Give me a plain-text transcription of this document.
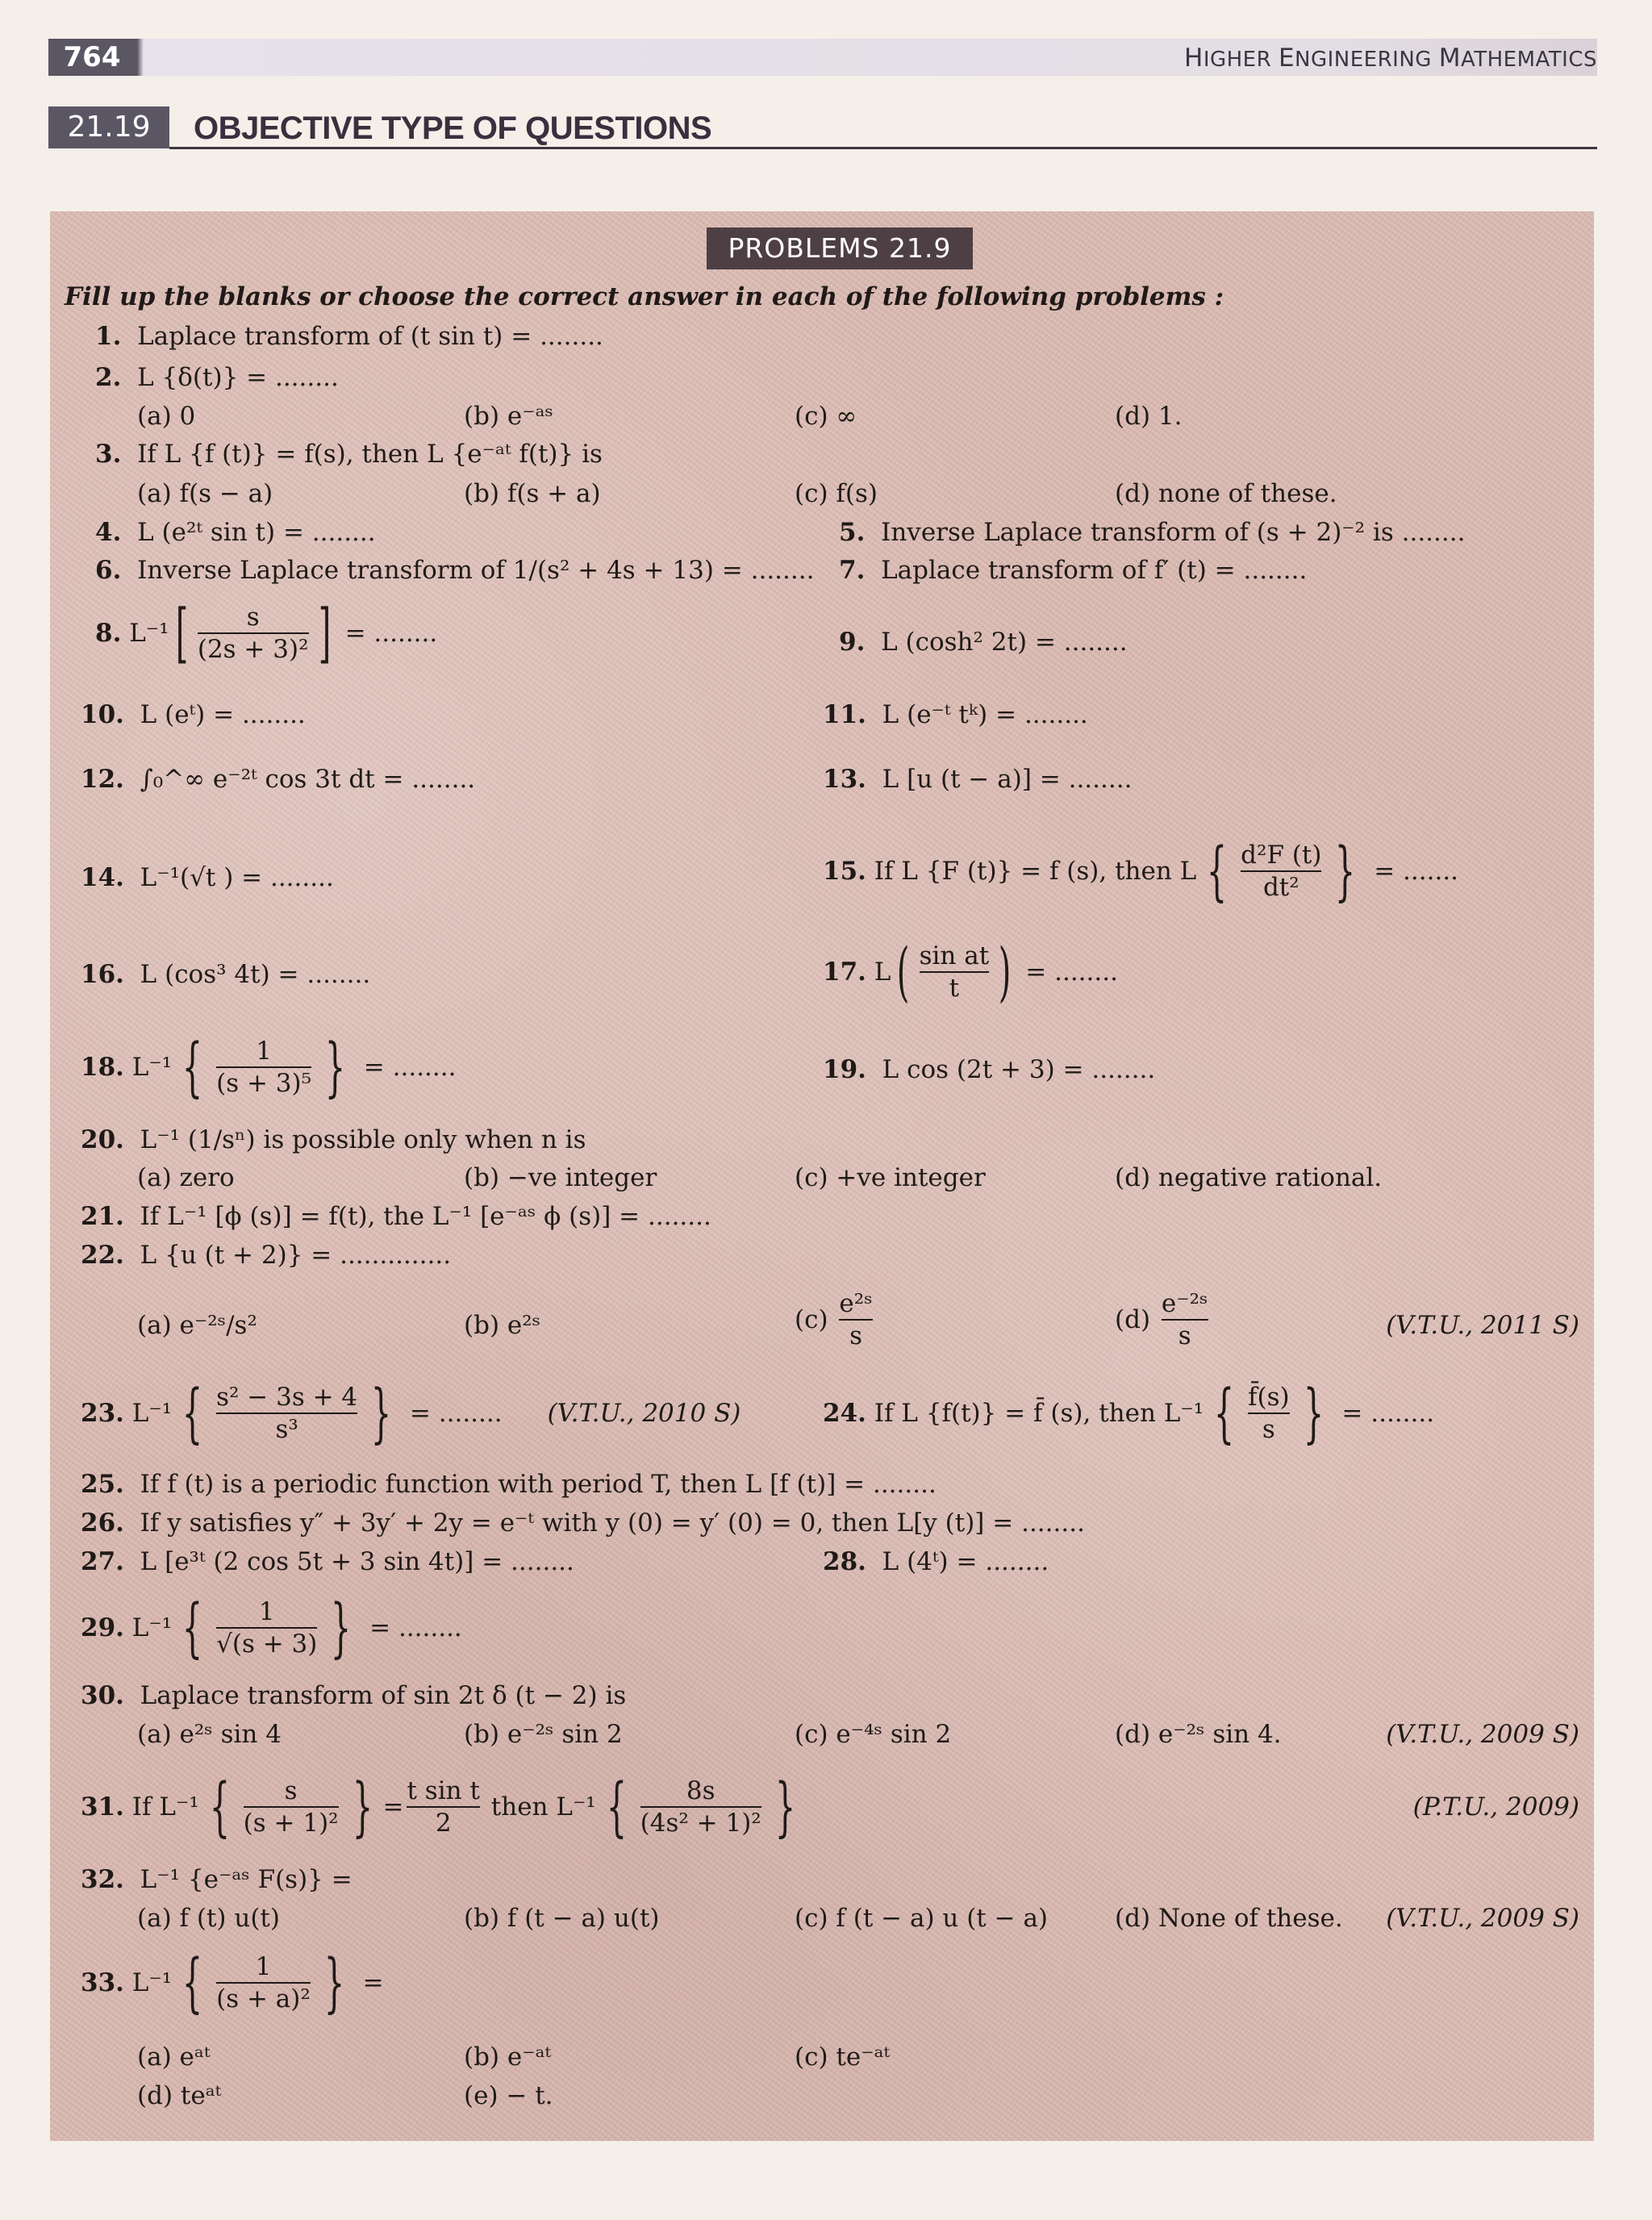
764	HIGHER ENGINEERING MATHEMATICS
21.19	OBJECTIVE TYPE OF QUESTIONS
PROBLEMS 21.9
Fill up the blanks or choose the correct answer in each of the following problems :
1. Laplace transform of (t sin t) = ........
2. L {δ(t)} = ........
(a) 0	(b) e⁻ᵃˢ	(c) ∞	(d) 1.
3. If L {f (t)} = f(s), then L {e⁻ᵃᵗ f(t)} is
(a) f(s − a)	(b) f(s + a)	(c) f(s)	(d) none of these.
4. L (e²ᵗ sin t) = ........	5. Inverse Laplace transform of (s + 2)⁻² is ........
6. Inverse Laplace transform of 1/(s² + 4s + 13) = ........ 7. Laplace transform of f′ (t) = ........
8.
L⁻¹ [ $\frac{s}{\text{(2s + 3)²}}$ ]
= ........	9. L (cosh² 2t) = ........
10. L (eᵗ) = ........	11. L (e⁻ᵗ tᵏ) = ........
12. ∫₀^∞ e⁻²ᵗ cos 3t dt = ........	13. L [u (t − a)] = ........
14. L⁻¹(√t ) = ........	15.
If L {F (t)} = f (s), then L { $\frac{\text{d²F (t)}}{\text{dt²}}$ }
= .......
16. L (cos³ 4t) = ........	17.
L ( $\frac{\text{sin at}}{t}$ )
= ........
18.
L⁻¹ { $\frac{1}{\text{(s + 3)⁵}}$ }
= ........	19. L cos (2t + 3) = ........
20. L⁻¹ (1/sⁿ) is possible only when n is
(a) zero	(b) −ve integer	(c) +ve integer	(d) negative rational.
21. If L⁻¹ [ϕ (s)] = f(t), the L⁻¹ [e⁻ᵃˢ ϕ (s)] = ........
22. L {u (t + 2)} = ..............
(a) e⁻²ˢ/s²	(b) e²ˢ	(c)
$\frac{\text{e²ˢ}}{s}$	(d)
$\frac{\text{e⁻²ˢ}}{s}$	(V.T.U., 2011 S)
23.
L⁻¹ { $\frac{\text{s² − 3s + 4}}{\text{s³}}$ }
= ........ (V.T.U., 2010 S)	24.
If L {f(t)} = f̄ (s), then L⁻¹ { $\frac{f̄(s)}{s}$ }
= ........
25. If f (t) is a periodic function with period T, then L [f (t)] = ........
26. If y satisfies y″ + 3y′ + 2y = e⁻ᵗ with y (0) = y′ (0) = 0, then L[y (t)] = ........
27. L [e³ᵗ (2 cos 5t + 3 sin 4t)] = ........	28. L (4ᵗ) = ........
29.
L⁻¹ { $\frac{1}{√(s + 3)}$ }
= ........
30. Laplace transform of sin 2t δ (t − 2) is
(a) e²ˢ sin 4	(b) e⁻²ˢ sin 2	(c) e⁻⁴ˢ sin 2	(d) e⁻²ˢ sin 4.	(V.T.U., 2009 S)
31.
If L⁻¹ { $\frac{s}{\text{(s + 1)²}}$ } = $\frac{\text{t sin t}}{2}$
then L⁻¹ { $\frac{8s}{\text{(4s² + 1)²}}$ }	(P.T.U., 2009)
32. L⁻¹ {e⁻ᵃˢ F(s)} =
(a) f (t) u(t)	(b) f (t − a) u(t)	(c) f (t − a) u (t − a)	(d) None of these. (V.T.U., 2009 S)
33.
L⁻¹ { $\frac{1}{\text{(s + a)²}}$ }
=
(a) eᵃᵗ	(b) e⁻ᵃᵗ	(c) te⁻ᵃᵗ
(d) teᵃᵗ	(e) − t.
